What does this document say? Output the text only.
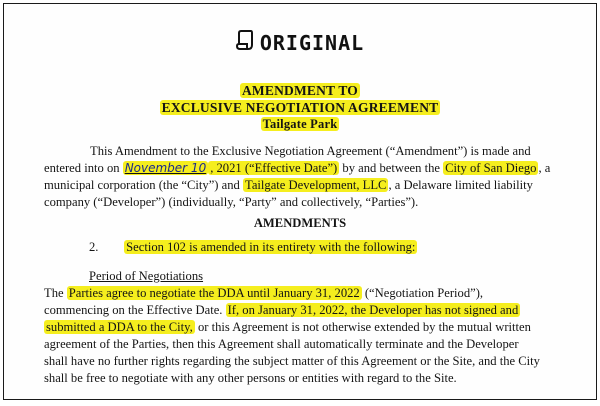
ORIGINAL
AMENDMENT TO
EXCLUSIVE NEGOTIATION AGREEMENT
Tailgate Park
This Amendment to the Exclusive Negotiation Agreement (“Amendment”) is made and
entered into on November 10 , 2021 (“Effective Date”) by and between the City of San Diego , a
municipal corporation (the “City”) and Tailgate Development, LLC , a Delaware limited liability
company (“Developer”) (individually, “Party” and collectively, “Parties”).
AMENDMENTS
2. Section 102 is amended in its entirety with the following:
Period of Negotiations
The Parties agree to negotiate the DDA until January 31, 2022 (“Negotiation Period”),
commencing on the Effective Date. If, on January 31, 2022, the Developer has not signed and
submitted a DDA to the City, or this Agreement is not otherwise extended by the mutual written
agreement of the Parties, then this Agreement shall automatically terminate and the Developer
shall have no further rights regarding the subject matter of this Agreement or the Site, and the City
shall be free to negotiate with any other persons or entities with regard to the Site.
